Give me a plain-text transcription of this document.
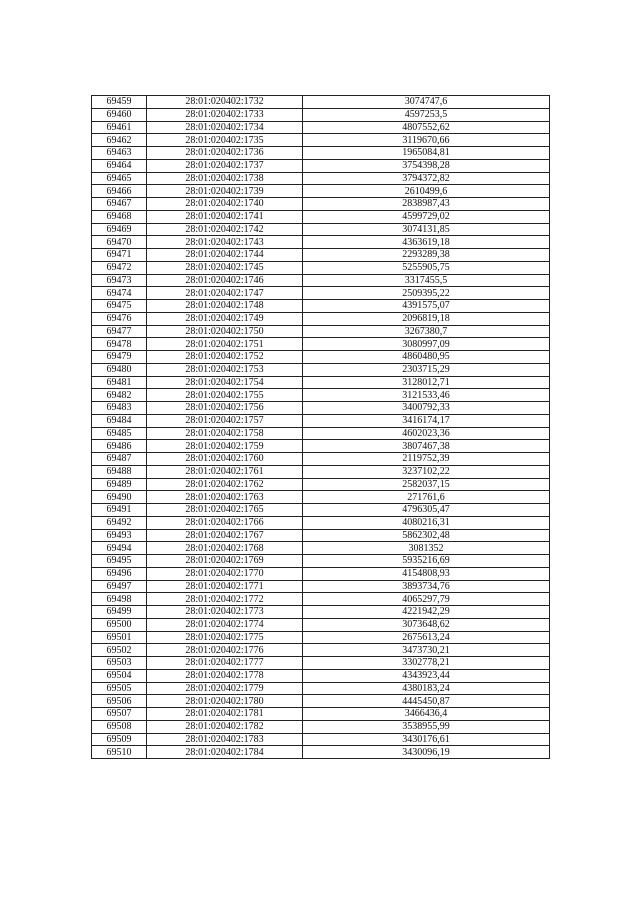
69459	28:01:020402:1732	3074747,6
69460	28:01:020402:1733	4597253,5
69461	28:01:020402:1734	4807552,62
69462	28:01:020402:1735	3119670,66
69463	28:01:020402:1736	1965084,81
69464	28:01:020402:1737	3754398,28
69465	28:01:020402:1738	3794372,82
69466	28:01:020402:1739	2610499,6
69467	28:01:020402:1740	2838987,43
69468	28:01:020402:1741	4599729,02
69469	28:01:020402:1742	3074131,85
69470	28:01:020402:1743	4363619,18
69471	28:01:020402:1744	2293289,38
69472	28:01:020402:1745	5255905,75
69473	28:01:020402:1746	3317455,5
69474	28:01:020402:1747	2509395,22
69475	28:01:020402:1748	4391575,07
69476	28:01:020402:1749	2096819,18
69477	28:01:020402:1750	3267380,7
69478	28:01:020402:1751	3080997,09
69479	28:01:020402:1752	4860480,95
69480	28:01:020402:1753	2303715,29
69481	28:01:020402:1754	3128012,71
69482	28:01:020402:1755	3121533,46
69483	28:01:020402:1756	3400792,33
69484	28:01:020402:1757	3416174,17
69485	28:01:020402:1758	4602023,36
69486	28:01:020402:1759	3807467,38
69487	28:01:020402:1760	2119752,39
69488	28:01:020402:1761	3237102,22
69489	28:01:020402:1762	2582037,15
69490	28:01:020402:1763	271761,6
69491	28:01:020402:1765	4796305,47
69492	28:01:020402:1766	4080216,31
69493	28:01:020402:1767	5862302,48
69494	28:01:020402:1768	3081352
69495	28:01:020402:1769	5935216,69
69496	28:01:020402:1770	4154808,93
69497	28:01:020402:1771	3893734,76
69498	28:01:020402:1772	4065297,79
69499	28:01:020402:1773	4221942,29
69500	28:01:020402:1774	3073648,62
69501	28:01:020402:1775	2675613,24
69502	28:01:020402:1776	3473730,21
69503	28:01:020402:1777	3302778,21
69504	28:01:020402:1778	4343923,44
69505	28:01:020402:1779	4380183,24
69506	28:01:020402:1780	4445450,87
69507	28:01:020402:1781	3466436,4
69508	28:01:020402:1782	3538955,99
69509	28:01:020402:1783	3430176,61
69510	28:01:020402:1784	3430096,19
